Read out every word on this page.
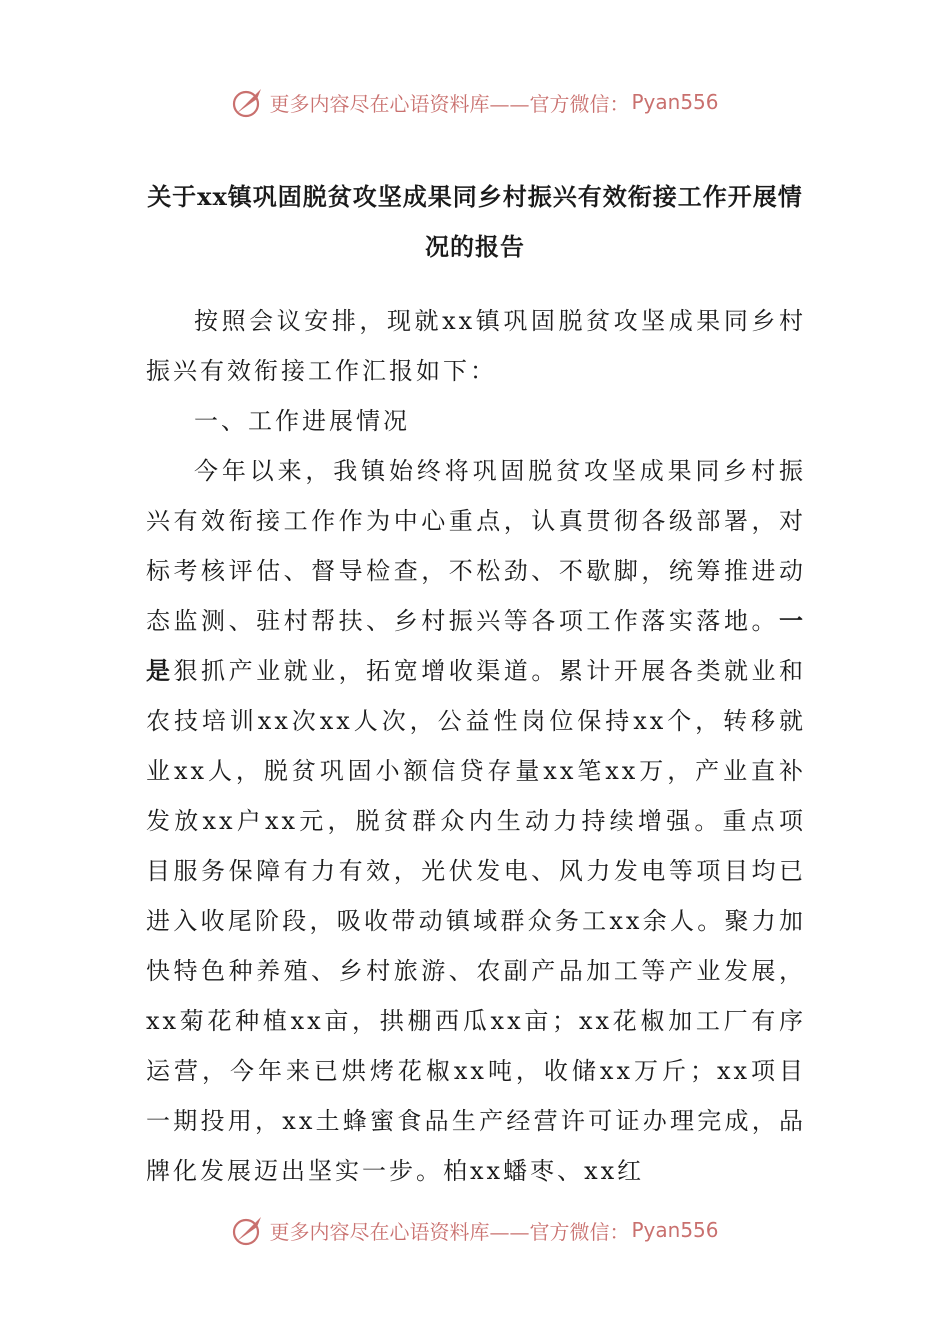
更多内容尽在心语资料库——官方微信： Pyan556
关于xx镇巩固脱贫攻坚成果同乡村振兴有效衔接工作开展情况的报告

按照会议安排，现就xx镇巩固脱贫攻坚成果同乡村振兴有效衔接工作汇报如下：

一、工作进展情况

今年以来，我镇始终将巩固脱贫攻坚成果同乡村振兴有效衔接工作作为中心重点，认真贯彻各级部署，对标考核评估、督导检查，不松劲、不歇脚，统筹推进动态监测、驻村帮扶、乡村振兴等各项工作落实落地。一是狠抓产业就业，拓宽增收渠道。累计开展各类就业和农技培训xx次xx人次，公益性岗位保持xx个，转移就业xx人，脱贫巩固小额信贷存量xx笔xx万，产业直补发放xx户xx元，脱贫群众内生动力持续增强。重点项目服务保障有力有效，光伏发电、风力发电等项目均已进入收尾阶段，吸收带动镇域群众务工xx余人。聚力加快特色种养殖、乡村旅游、农副产品加工等产业发展，xx菊花种植xx亩，拱棚西瓜xx亩；xx花椒加工厂有序运营，今年来已烘烤花椒xx吨，收储xx万斤；xx项目一期投用，xx土蜂蜜食品生产经营许可证办理完成，品牌化发展迈出坚实一步。柏xx蟠枣、xx红

更多内容尽在心语资料库——官方微信： Pyan556
